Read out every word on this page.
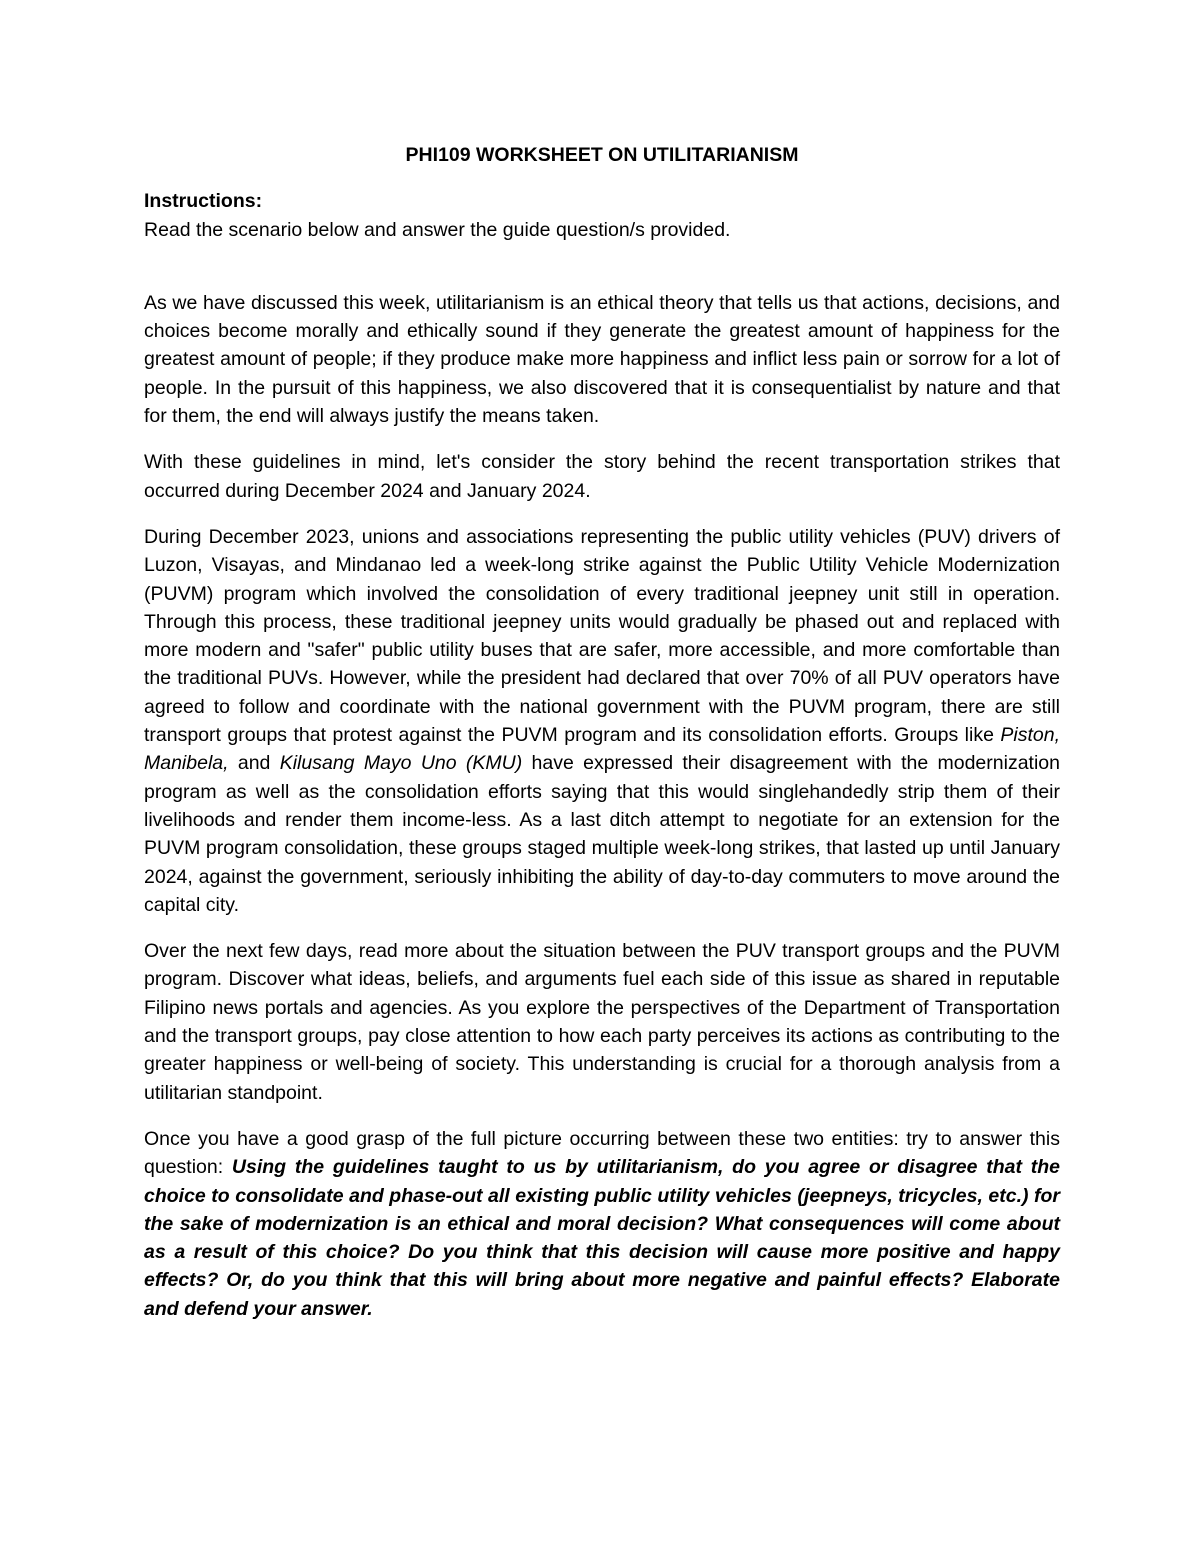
PHI109 WORKSHEET ON UTILITARIANISM

Instructions:

Read the scenario below and answer the guide question/s provided.

As we have discussed this week, utilitarianism is an ethical theory that tells us that actions, decisions, and choices become morally and ethically sound if they generate the greatest amount of happiness for the greatest amount of people; if they produce make more happiness and inflict less pain or sorrow for a lot of people. In the pursuit of this happiness, we also discovered that it is consequentialist by nature and that for them, the end will always justify the means taken.

With these guidelines in mind, let's consider the story behind the recent transportation strikes that occurred during December 2024 and January 2024.

During December 2023, unions and associations representing the public utility vehicles (PUV) drivers of Luzon, Visayas, and Mindanao led a week-long strike against the Public Utility Vehicle Modernization (PUVM) program which involved the consolidation of every traditional jeepney unit still in operation. Through this process, these traditional jeepney units would gradually be phased out and replaced with more modern and "safer" public utility buses that are safer, more accessible, and more comfortable than the traditional PUVs. However, while the president had declared that over 70% of all PUV operators have agreed to follow and coordinate with the national government with the PUVM program, there are still transport groups that protest against the PUVM program and its consolidation efforts. Groups like Piston, Manibela, and Kilusang Mayo Uno (KMU) have expressed their disagreement with the modernization program as well as the consolidation efforts saying that this would singlehandedly strip them of their livelihoods and render them income-less. As a last ditch attempt to negotiate for an extension for the PUVM program consolidation, these groups staged multiple week-long strikes, that lasted up until January 2024, against the government, seriously inhibiting the ability of day-to-day commuters to move around the capital city.

Over the next few days, read more about the situation between the PUV transport groups and the PUVM program. Discover what ideas, beliefs, and arguments fuel each side of this issue as shared in reputable Filipino news portals and agencies. As you explore the perspectives of the Department of Transportation and the transport groups, pay close attention to how each party perceives its actions as contributing to the greater happiness or well-being of society. This understanding is crucial for a thorough analysis from a utilitarian standpoint.

Once you have a good grasp of the full picture occurring between these two entities: try to answer this question: Using the guidelines taught to us by utilitarianism, do you agree or disagree that the choice to consolidate and phase-out all existing public utility vehicles (jeepneys, tricycles, etc.) for the sake of modernization is an ethical and moral decision? What consequences will come about as a result of this choice? Do you think that this decision will cause more positive and happy effects? Or, do you think that this will bring about more negative and painful effects? Elaborate and defend your answer.
